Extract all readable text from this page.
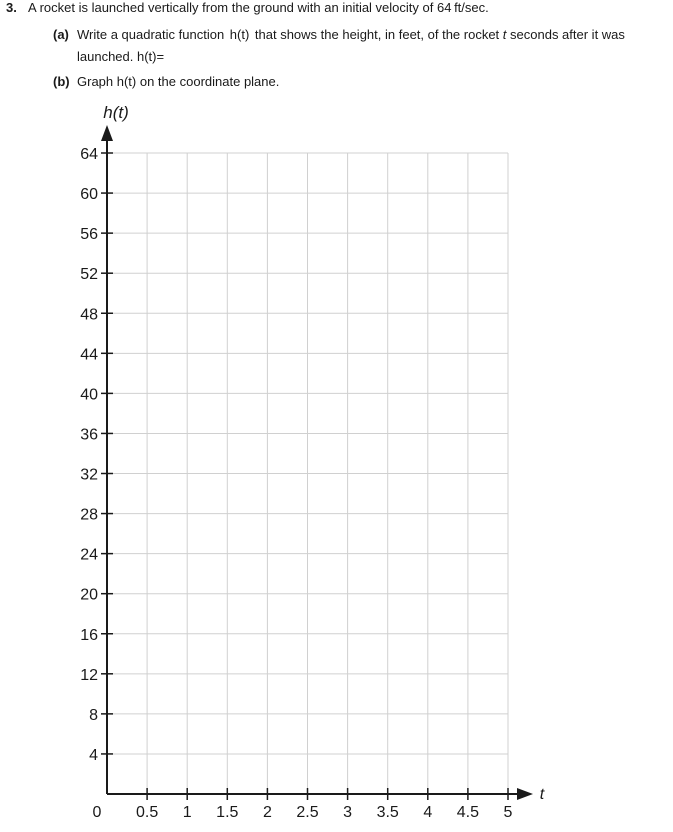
3. A rocket is launched vertically from the ground with an initial velocity of 64  ft/sec.
(a) Write a quadratic function h(t) that shows the height, in feet, of the rocket t seconds after it was
launched. h(t)=
(b) Graph h(t) on the coordinate plane.
4
8
12
16
20
24
28
32
36
40
44
48
52
56
60
64
0 0.5 1 1.5 2 2.5 3 3.5 4 4.5 5
h(t)
t
